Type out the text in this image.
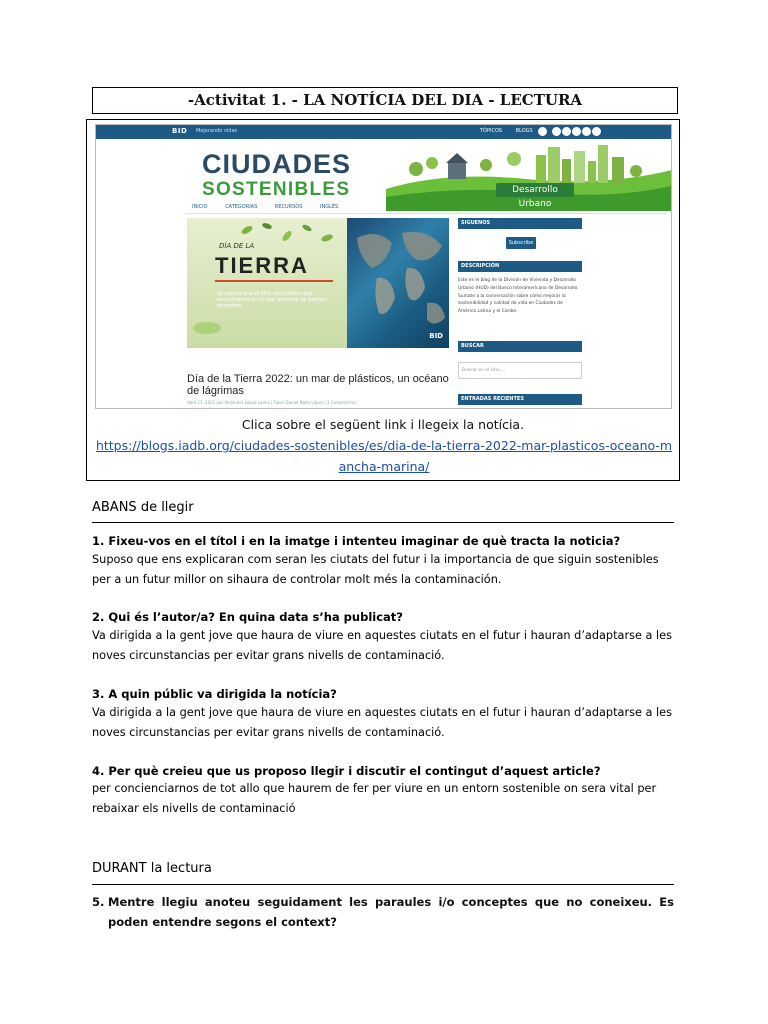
-Activitat 1. - LA NOTÍCIA DEL DIA - LECTURA
BID Mejorando vidas	TÓPICOS	BLOGS
CIUDADES
SOSTENIBLES	Desarrollo Urbano
INICIO	CATEGORÍAS	RECURSOS	INGLÉS
DÍA DE LA
TIERRA
Se estima que el 80% del plástico que encontramos en el mar proviene de fuentes terrestres.
BID
Día de la Tierra 2022: un mar de plásticos, un océano de lágrimas
Abril 21, 2022 por Alejandro López-Lamia | Fabio Daniel Nieto López | 2 Comentarios
SIGUENOS
Subscribe
DESCRIPCIÓN
Este es el blog de la División de Vivienda y Desarrollo Urbano (HUD) del Banco Interamericano de Desarrollo. Sumate a la conversación sobre cómo mejorar la sostenibilidad y calidad de vida en Ciudades de América Latina y el Caribe.
BUSCAR
Buscar en el sitio ...
ENTRADAS RECIENTES
Clica sobre el següent link i llegeix la notícia.
https://blogs.iadb.org/ciudades-sostenibles/es/dia-de-la-tierra-2022-mar-plasticos-oceano-mancha-marina/
ABANS de llegir
1. Fixeu-vos en el títol i en la imatge i intenteu imaginar de què tracta la noticia?
Suposo que ens explicaran com seran les ciutats del futur i la importancia de que siguin sostenibles per a un futur millor on sihaura de controlar molt més la contaminación.
2. Qui és l’autor/a? En quina data s’ha publicat?
Va dirigida a la gent jove que haura de viure en aquestes ciutats en el futur i hauran d’adaptarse a les noves circunstancias per evitar grans nivells de contaminació.
3. A quin públic va dirigida la notícia?
Va dirigida a la gent jove que haura de viure en aquestes ciutats en el futur i hauran d’adaptarse a les noves circunstancias per evitar grans nivells de contaminació.
4. Per què creieu que us proposo llegir i discutir el contingut d’aquest article?
per concienciarnos de tot allo que haurem de fer per viure en un entorn sostenible on sera vital per rebaixar els nivells de contaminació
DURANT la lectura
5. Mentre llegiu anoteu seguidament les paraules i/o conceptes que no coneixeu. Es poden entendre segons el context?
